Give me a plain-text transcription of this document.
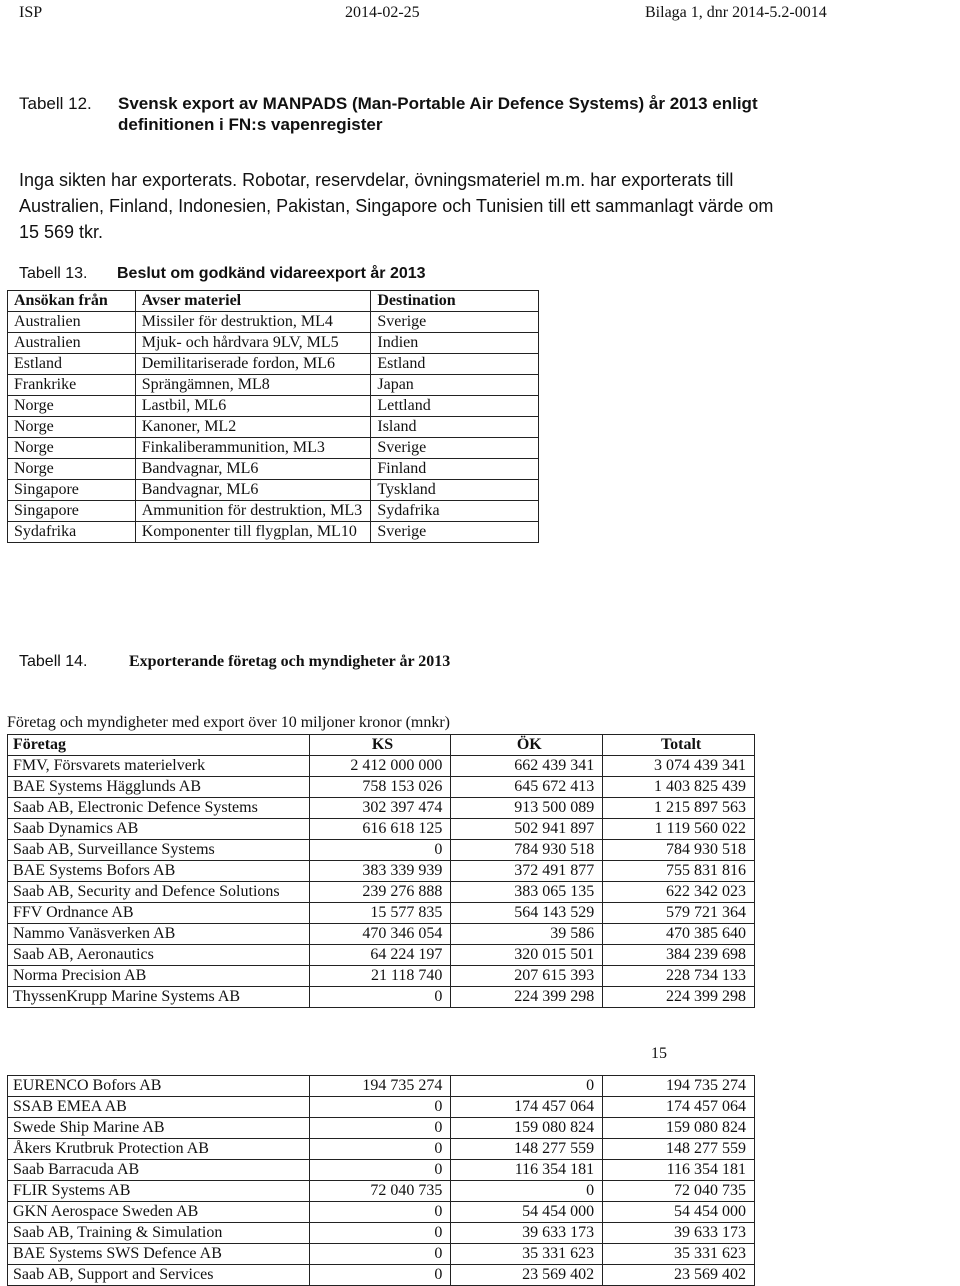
ISP	2014-02-25	Bilaga 1, dnr 2014-5.2-0014
Tabell 12.	Svensk export av MANPADS (Man-Portable Air Defence Systems) år 2013 enligt definitionen i FN:s vapenregister
Inga sikten har exporterats. Robotar, reservdelar, övningsmateriel m.m. har exporterats till Australien, Finland, Indonesien, Pakistan, Singapore och Tunisien till ett sammanlagt värde om 15 569 tkr.
Tabell 13. Beslut om godkänd vidareexport år 2013
Ansökan från	Avser materiel	Destination
Australien	Missiler för destruktion, ML4	Sverige
Australien	Mjuk- och hårdvara 9LV, ML5	Indien
Estland	Demilitariserade fordon, ML6	Estland
Frankrike	Sprängämnen, ML8	Japan
Norge	Lastbil, ML6	Lettland
Norge	Kanoner, ML2	Island
Norge	Finkaliberammunition, ML3	Sverige
Norge	Bandvagnar, ML6	Finland
Singapore	Bandvagnar, ML6	Tyskland
Singapore	Ammunition för destruktion, ML3	Sydafrika
Sydafrika	Komponenter till flygplan, ML10	Sverige
Tabell 14.	Exporterande företag och myndigheter år 2013
Företag och myndigheter med export över 10 miljoner kronor (mnkr)
Företag	KS	ÖK	Totalt
FMV, Försvarets materielverk	2 412 000 000	662 439 341	3 074 439 341
BAE Systems Hägglunds AB	758 153 026	645 672 413	1 403 825 439
Saab AB, Electronic Defence Systems	302 397 474	913 500 089	1 215 897 563
Saab Dynamics AB	616 618 125	502 941 897	1 119 560 022
Saab AB, Surveillance Systems	0	784 930 518	784 930 518
BAE Systems Bofors AB	383 339 939	372 491 877	755 831 816
Saab AB, Security and Defence Solutions	239 276 888	383 065 135	622 342 023
FFV Ordnance AB	15 577 835	564 143 529	579 721 364
Nammo Vanäsverken AB	470 346 054	39 586	470 385 640
Saab AB, Aeronautics	64 224 197	320 015 501	384 239 698
Norma Precision AB	21 118 740	207 615 393	228 734 133
ThyssenKrupp Marine Systems AB	0	224 399 298	224 399 298
15
EURENCO Bofors AB	194 735 274	0	194 735 274
SSAB EMEA AB	0	174 457 064	174 457 064
Swede Ship Marine AB	0	159 080 824	159 080 824
Åkers Krutbruk Protection AB	0	148 277 559	148 277 559
Saab Barracuda AB	0	116 354 181	116 354 181
FLIR Systems AB	72 040 735	0	72 040 735
GKN Aerospace Sweden AB	0	54 454 000	54 454 000
Saab AB, Training & Simulation	0	39 633 173	39 633 173
BAE Systems SWS Defence AB	0	35 331 623	35 331 623
Saab AB, Support and Services	0	23 569 402	23 569 402
